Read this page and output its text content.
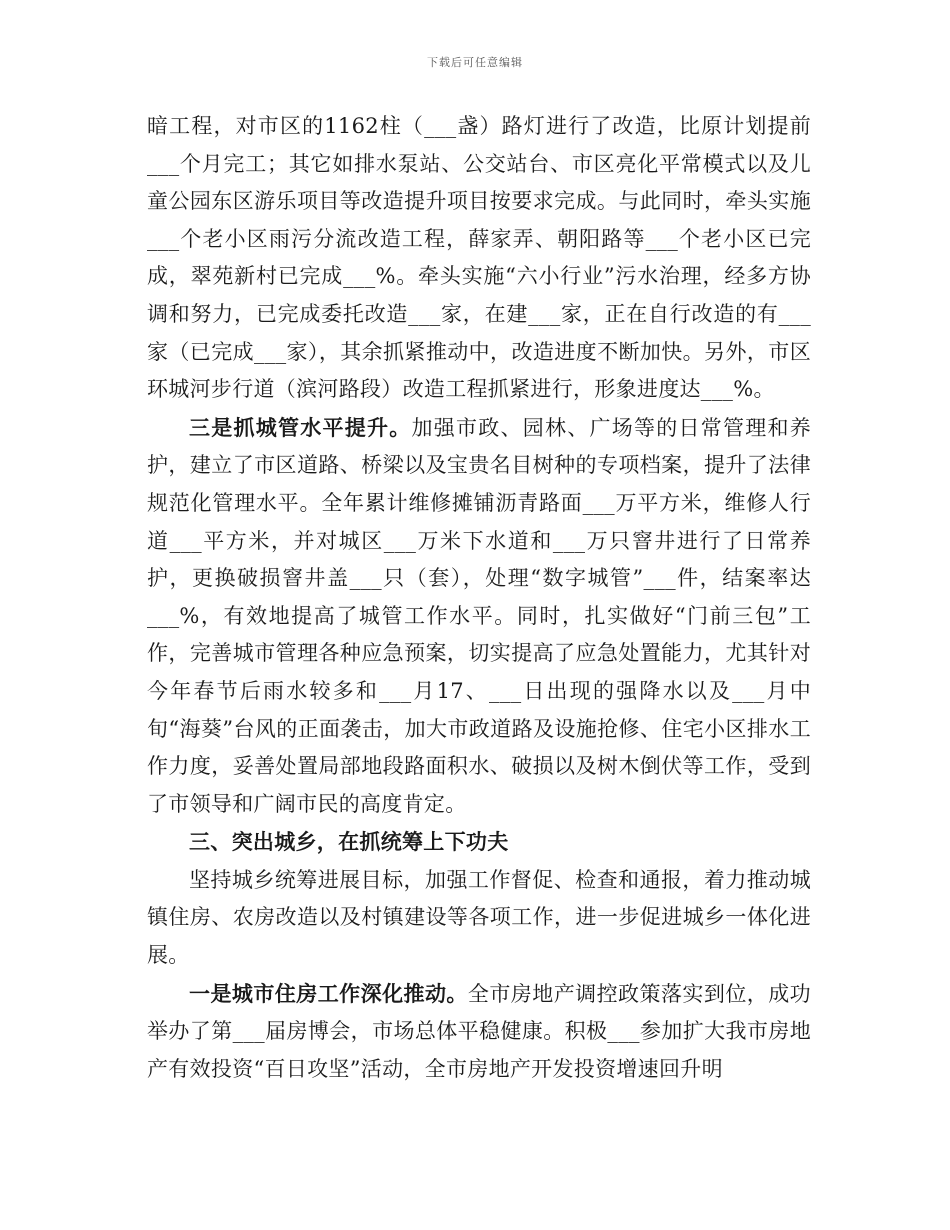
下载后可任意编辑

暗工程，对市区的1162柱（___盏）路灯进行了改造，比原计划提前___个月完工；其它如排水泵站、公交站台、市区亮化平常模式以及儿童公园东区游乐项目等改造提升项目按要求完成。与此同时，牵头实施___个老小区雨污分流改造工程，薛家弄、朝阳路等___个老小区已完成，翠苑新村已完成___%。牵头实施“六小行业”污水治理，经多方协调和努力，已完成委托改造___家，在建___家，正在自行改造的有___家（已完成___家），其余抓紧推动中，改造进度不断加快。另外，市区环城河步行道（滨河路段）改造工程抓紧进行，形象进度达___%。

三是抓城管水平提升。加强市政、园林、广场等的日常管理和养护，建立了市区道路、桥梁以及宝贵名目树种的专项档案，提升了法律规范化管理水平。全年累计维修摊铺沥青路面___万平方米，维修人行道___平方米，并对城区___万米下水道和___万只窨井进行了日常养护，更换破损窨井盖___只（套），处理“数字城管”___件，结案率达___%，有效地提高了城管工作水平。同时，扎实做好“门前三包”工作，完善城市管理各种应急预案，切实提高了应急处置能力，尤其针对今年春节后雨水较多和___月17、___日出现的强降水以及___月中旬“海葵”台风的正面袭击，加大市政道路及设施抢修、住宅小区排水工作力度，妥善处置局部地段路面积水、破损以及树木倒伏等工作，受到了市领导和广阔市民的高度肯定。

三、突出城乡，在抓统筹上下功夫

坚持城乡统筹进展目标，加强工作督促、检查和通报，着力推动城镇住房、农房改造以及村镇建设等各项工作，进一步促进城乡一体化进展。

一是城市住房工作深化推动。全市房地产调控政策落实到位，成功举办了第___届房博会，市场总体平稳健康。积极___参加扩大我市房地产有效投资“百日攻坚”活动，全市房地产开发投资增速回升明
